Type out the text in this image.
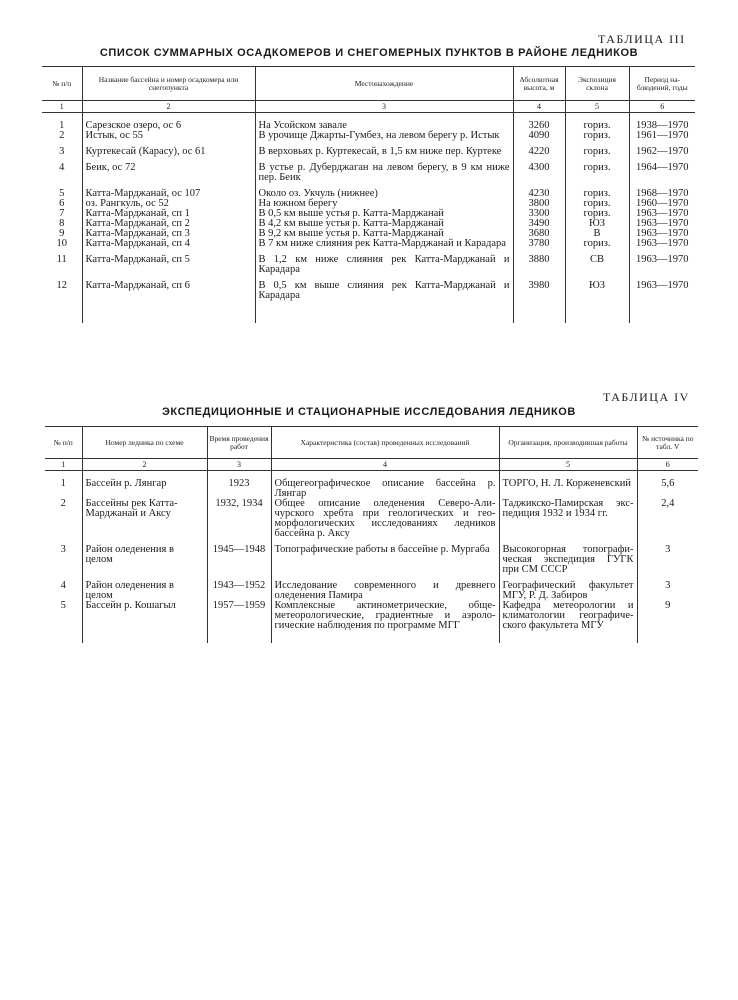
ТАБЛИЦА III
СПИСОК СУММАРНЫХ ОСАДКОМЕРОВ И СНЕГОМЕРНЫХ ПУНКТОВ В РАЙОНЕ ЛЕДНИКОВ
№ п/п	Название бассейна и номер осадкомера или снегопункта	Местонахождение	Абсолютная высота, м	Экспозиция склона	Период наблюдений, годы
1	2	3	4	5	6

1	Сарезское озеро, ос 6	На Усойском завале	3260	гориз.	1938—1970
2	Истык, ос 55	В урочище Джарты-Гумбез, на левом берегу р. Истык	4090	гориз.	1961—1970
3	Куртекесай (Карасу), ос 61	В верховьях р. Куртекесай, в 1,5 км ниже пер. Куртеке	4220	гориз.	1962—1970
4	Беик, ос 72	В устье р. Дуберджаган на левом берегу, в 9 км ниже пер. Беик	4300	гориз.	1964—1970
5	Катта-Марджанай, ос 107	Около оз. Укчуль (нижнее)	4230	гориз.	1968—1970
6	оз. Рангкуль, ос 52	На южном берегу	3800	гориз.	1960—1970
7	Катта-Марджанай, сп 1	В 0,5 км выше устья р. Катта-Марджанай	3300	гориз.	1963—1970
8	Катта-Марджанай, сп 2	В 4,2 км выше устья р. Катта-Марджанай	3490	ЮЗ	1963—1970
9	Катта-Марджанай, сп 3	В 9,2 км выше устья р. Катта-Марджанай	3680	В	1963—1970
10	Катта-Марджанай, сп 4	В 7 км ниже слияния рек Катта-Марджанай и Карадара	3780	гориз.	1963—1970
11	Катта-Марджанай, сп 5	В 1,2 км ниже слияния рек Катта-Марджанай и Карадара	3880	СВ	1963—1970
12	Катта-Марджанай, сп 6	В 0,5 км выше слияния рек Катта-Марджанай и Карадара	3980	ЮЗ	1963—1970

ТАБЛИЦА IV
ЭКСПЕДИЦИОННЫЕ И СТАЦИОНАРНЫЕ ИССЛЕДОВАНИЯ ЛЕДНИКОВ
№ п/п	Номер ледника по схеме	Время проведения работ	Характеристика (состав) проведенных исследований	Организация, производившая работы	№ источника по табл. V
1	2	3	4	5	6

1	Бассейн р. Лянгар	1923	Общегеографическое описание бассейна р. Лянгар	ТОРГО, Н. Л. Корженевский	5,6
2	Бассейны рек Катта-Марджанай и Аксу	1932, 1934	Общее описание оледенения Северо-Аличурского хребта при геологических и геоморфологических исследованиях ледников бассейна р. Аксу	Таджикско-Памирская экспедиция 1932 и 1934 гг.	2,4
3	Район оледенения в целом	1945—1948	Топографические работы в бассейне р. Мургаба	Высокогорная топографическая экспедиция ГУГК при СМ СССР	3
4	Район оледенения в целом	1943—1952	Исследование современного и древнего оледенения Памира	Географический факультет МГУ, Р. Д. Забиров	3
5	Бассейн р. Кошагыл	1957—1959	Комплексные актинометрические, общеметеорологические, градиентные и аэрологические наблюдения по программе МГГ	Кафедра метеорологии и климатологии географического факультета МГУ	9
